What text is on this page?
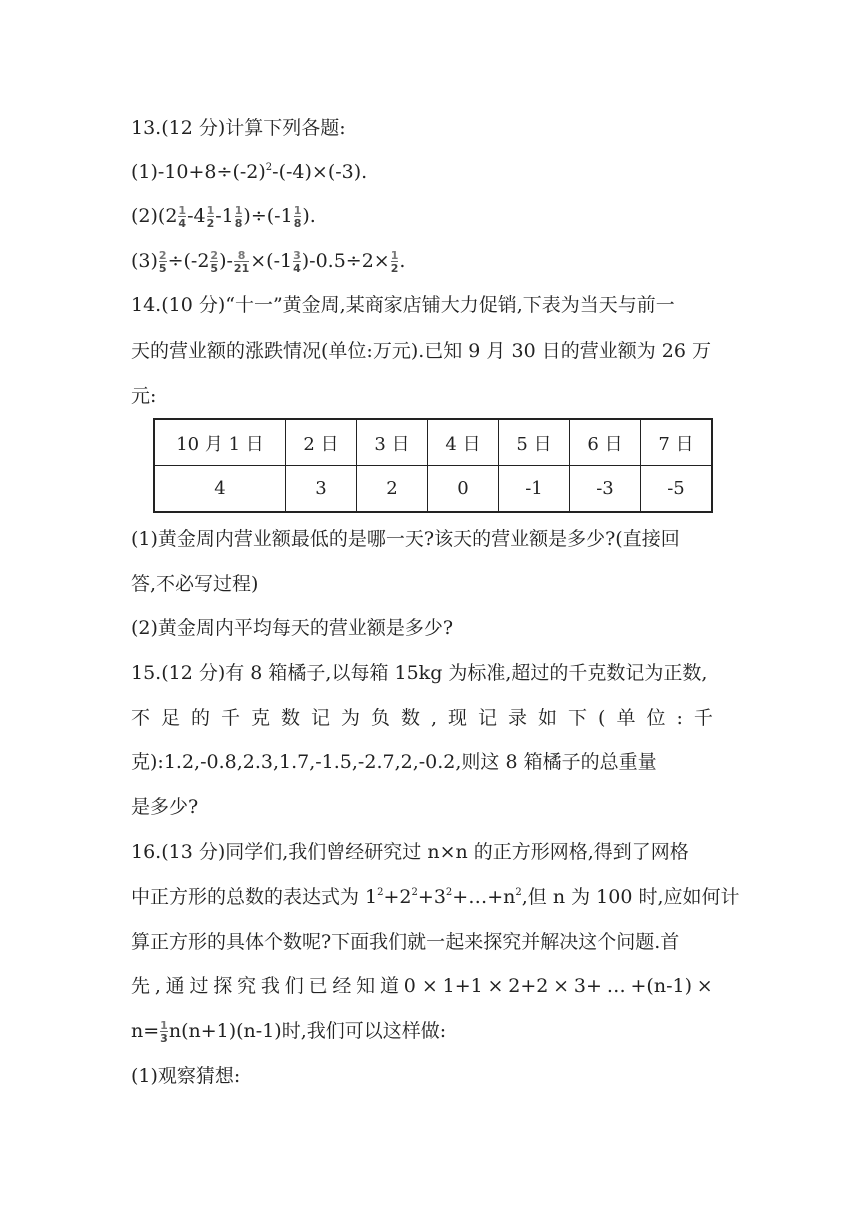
13.(12 分)计算下列各题:
$(1)-10+8\div(-2)^2-(-4)\times(-3)$.
$(2)(2 \frac{1}{4} -4 \frac{1}{2} -1 \frac{1}{8} )\div(-1 \frac{1}{8}$ ).
$(3) \frac{2}{5} \div(-2 \frac{2}{5}$ )- $\frac{8}{21} \times(-1 \frac{3}{4} )-0.5\div 2\times \frac{1}{2}$ .
14.(10 分)“十一”黄金周,某商家店铺大力促销,下表为当天与前一
天的营业额的涨跌情况(单位:万元).已知 9 月 30 日的营业额为 26 万
元:
10 月 1 日	2 日	3 日	4 日	5 日	6 日	7 日
4	3	2	0	-1	-3	-5
(1)黄金周内营业额最低的是哪一天?该天的营业额是多少?(直接回
答,不必写过程)
(2)黄金周内平均每天的营业额是多少?
15.(12 分)有 8 箱橘子,以每箱 15kg 为标准,超过的千克数记为正数,
不 足 的 千 克 数 记 为 负 数 , 现 记 录 如 下 ( 单 位 : 千
克):1.2,-0.8,2.3,1.7,-1.5,-2.7,2,-0.2,则这 8 箱橘子的总重量
是多少?
16.(13 分)同学们,我们曾经研究过 n×n 的正方形网格,得到了网格
中正方形的总数的表达式为 $1^2+2^2+3^2+\dots+n^2$,但 n 为 100 时,应如何计
算正方形的具体个数呢?下面我们就一起来探究并解决这个问题.首
先 , 通 过 探 究 我 们 已 经 知 道 0 × 1+1 × 2+2 × 3+ … +(n-1) ×
$n= \frac{1}{3} n(n+1)(n-1)$时,我们可以这样做:
(1)观察猜想:
